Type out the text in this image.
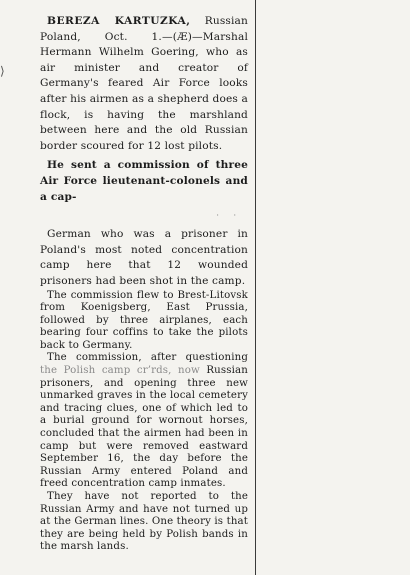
⟩

BEREZA KARTUZKA, Russian Poland, Oct. 1.—(Æ)—Marshal Hermann Wilhelm Goering, who as air minister and creator of Germany's feared Air Force looks after his airmen as a shepherd does a flock, is having the marshland between here and the old Russian border scoured for 12 lost pilots.

He sent a commission of three Air Force lieutenant-colonels and a cap-

· ·

German who was a prisoner in Poland's most noted concentration camp here that 12 wounded prisoners had been shot in the camp.

The commission flew to Brest-Litovsk from Koenigsberg, East Prussia, followed by three airplanes, each bearing four coffins to take the pilots back to Germany.

The commission, after questioning the Polish camp cr’rds, now Russian prisoners, and opening three new unmarked graves in the local cemetery and tracing clues, one of which led to a burial ground for wornout horses, concluded that the airmen had been in camp but were removed eastward September 16, the day before the Russian Army entered Poland and freed concentration camp inmates.

They have not reported to the Russian Army and have not turned up at the German lines. One theory is that they are being held by Polish bands in the marsh lands.
